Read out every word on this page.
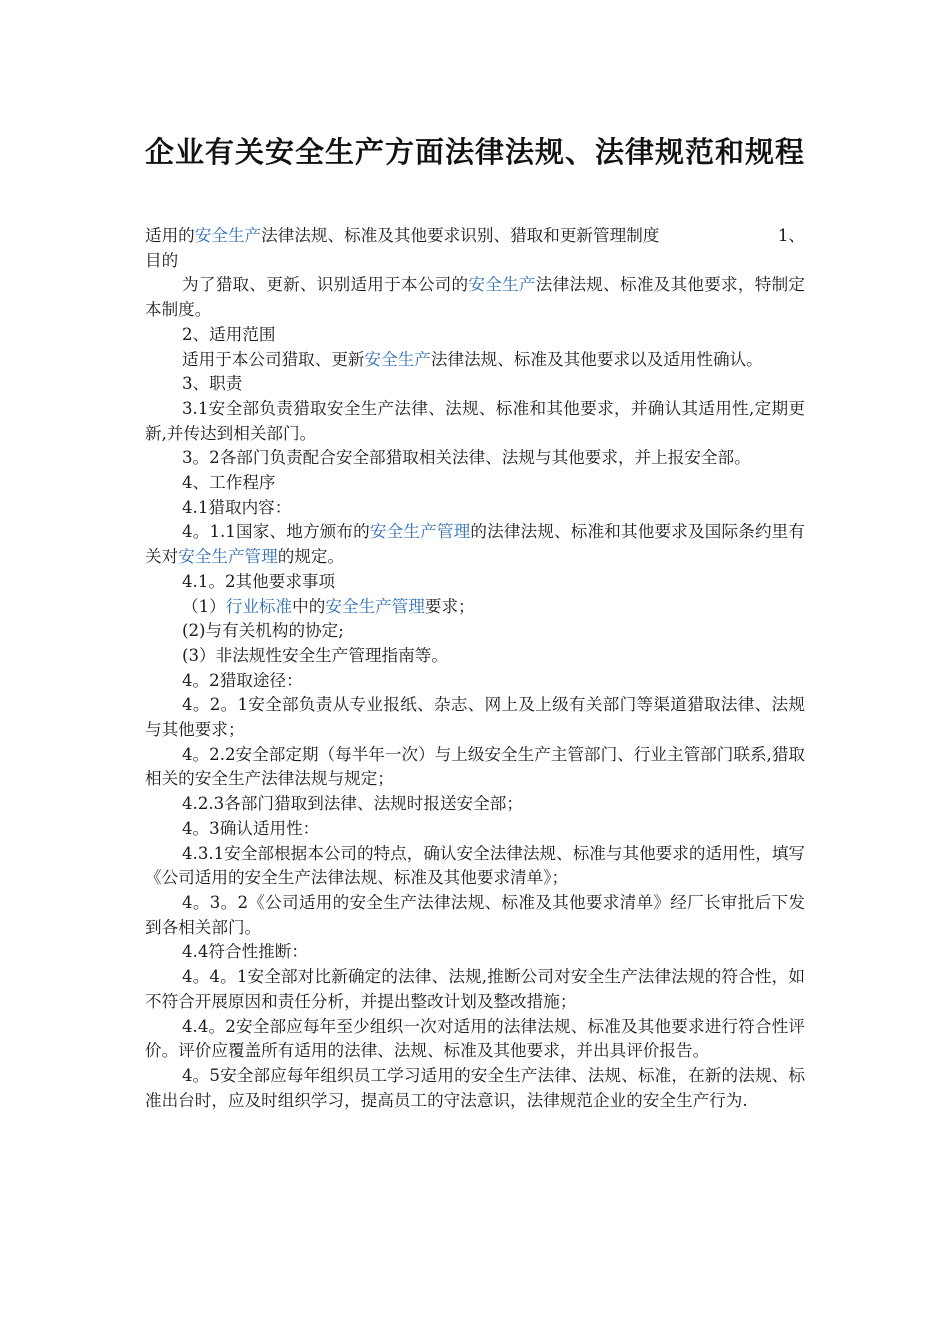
企业有关安全生产方面法律法规、法律规范和规程

适用的安全生产法律法规、标准及其他要求识别、猎取和更新管理制度	1、

目的

为了猎取、更新、识别适用于本公司的安全生产法律法规、标准及其他要求，特制定本制度。

2、适用范围

适用于本公司猎取、更新安全生产法律法规、标准及其他要求以及适用性确认。

3、职责

3.1安全部负责猎取安全生产法律、法规、标准和其他要求，并确认其适用性,定期更新,并传达到相关部门。

3。2各部门负责配合安全部猎取相关法律、法规与其他要求，并上报安全部。

4、工作程序

4.1猎取内容：

4。1.1国家、地方颁布的安全生产管理的法律法规、标准和其他要求及国际条约里有关对安全生产管理的规定。

4.1。2其他要求事项

（1）行业标准中的安全生产管理要求；

(2)与有关机构的协定;

(3）非法规性安全生产管理指南等。

4。2猎取途径：

4。2。1安全部负责从专业报纸、杂志、网上及上级有关部门等渠道猎取法律、法规与其他要求；

4。2.2安全部定期（每半年一次）与上级安全生产主管部门、行业主管部门联系,猎取相关的安全生产法律法规与规定；

4.2.3各部门猎取到法律、法规时报送安全部；

4。3确认适用性：

4.3.1安全部根据本公司的特点，确认安全法律法规、标准与其他要求的适用性，填写《公司适用的安全生产法律法规、标准及其他要求清单》；

4。3。2《公司适用的安全生产法律法规、标准及其他要求清单》经厂长审批后下发到各相关部门。

4.4符合性推断：

4。4。1安全部对比新确定的法律、法规,推断公司对安全生产法律法规的符合性，如不符合开展原因和责任分析，并提出整改计划及整改措施；

4.4。2安全部应每年至少组织一次对适用的法律法规、标准及其他要求进行符合性评价。评价应覆盖所有适用的法律、法规、标准及其他要求，并出具评价报告。

4。5安全部应每年组织员工学习适用的安全生产法律、法规、标准，在新的法规、标准出台时，应及时组织学习，提高员工的守法意识，法律规范企业的安全生产行为.
